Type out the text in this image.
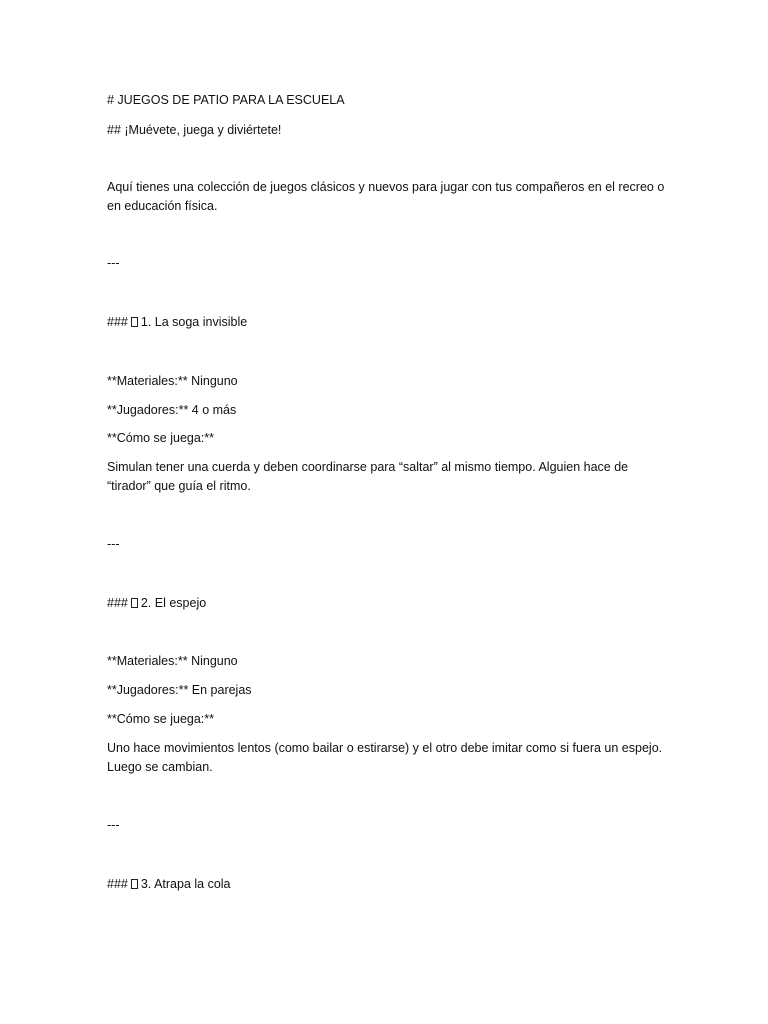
# JUEGOS DE PATIO PARA LA ESCUELA

## ¡Muévete, juega y diviértete!

Aquí tienes una colección de juegos clásicos y nuevos para jugar con tus compañeros en el recreo o en educación física.

---

### 1. La soga invisible

**Materiales:** Ninguno

**Jugadores:** 4 o más

**Cómo se juega:**

Simulan tener una cuerda y deben coordinarse para “saltar” al mismo tiempo. Alguien hace de “tirador” que guía el ritmo.

---

### 2. El espejo

**Materiales:** Ninguno

**Jugadores:** En parejas

**Cómo se juega:**

Uno hace movimientos lentos (como bailar o estirarse) y el otro debe imitar como si fuera un espejo. Luego se cambian.

---

### 3. Atrapa la cola
